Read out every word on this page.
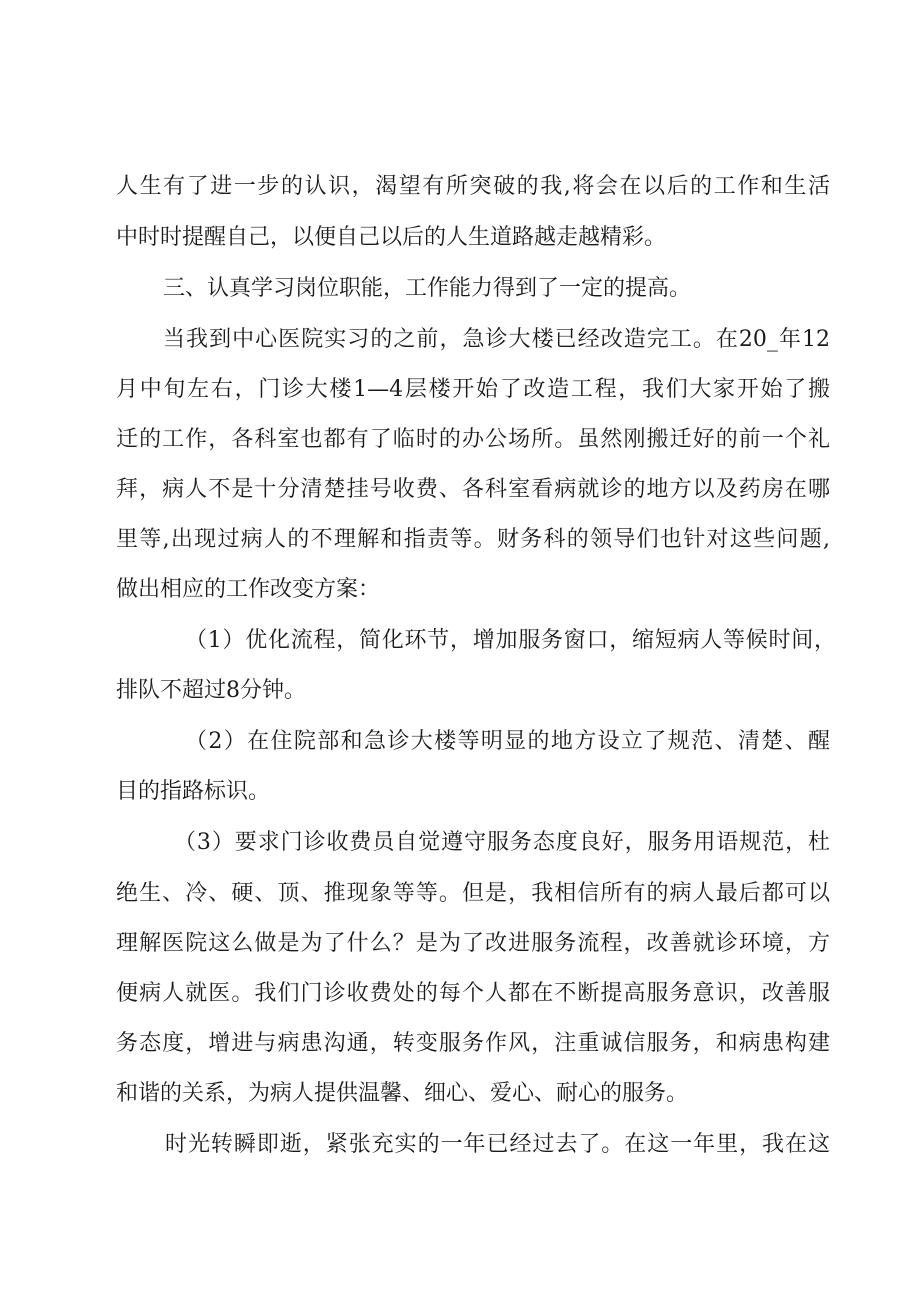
人生有了进一步的认识，渴望有所突破的我,将会在以后的工作和生活
中时时提醒自己，以便自己以后的人生道路越走越精彩。
三、认真学习岗位职能，工作能力得到了一定的提高。
当我到中心医院实习的之前，急诊大楼已经改造完工。在20_年12
月中旬左右，门诊大楼1—4层楼开始了改造工程，我们大家开始了搬
迁的工作，各科室也都有了临时的办公场所。虽然刚搬迁好的前一个礼
拜，病人不是十分清楚挂号收费、各科室看病就诊的地方以及药房在哪
里等,出现过病人的不理解和指责等。财务科的领导们也针对这些问题,
做出相应的工作改变方案：
（1）优化流程，简化环节，增加服务窗口，缩短病人等候时间，
排队不超过8分钟。
（2）在住院部和急诊大楼等明显的地方设立了规范、清楚、醒
目的指路标识。
（3）要求门诊收费员自觉遵守服务态度良好，服务用语规范，杜
绝生、冷、硬、顶、推现象等等。但是，我相信所有的病人最后都可以
理解医院这么做是为了什么？是为了改进服务流程，改善就诊环境，方
便病人就医。我们门诊收费处的每个人都在不断提高服务意识，改善服
务态度，增进与病患沟通，转变服务作风，注重诚信服务，和病患构建
和谐的关系，为病人提供温馨、细心、爱心、耐心的服务。
时光转瞬即逝，紧张充实的一年已经过去了。在这一年里，我在这
